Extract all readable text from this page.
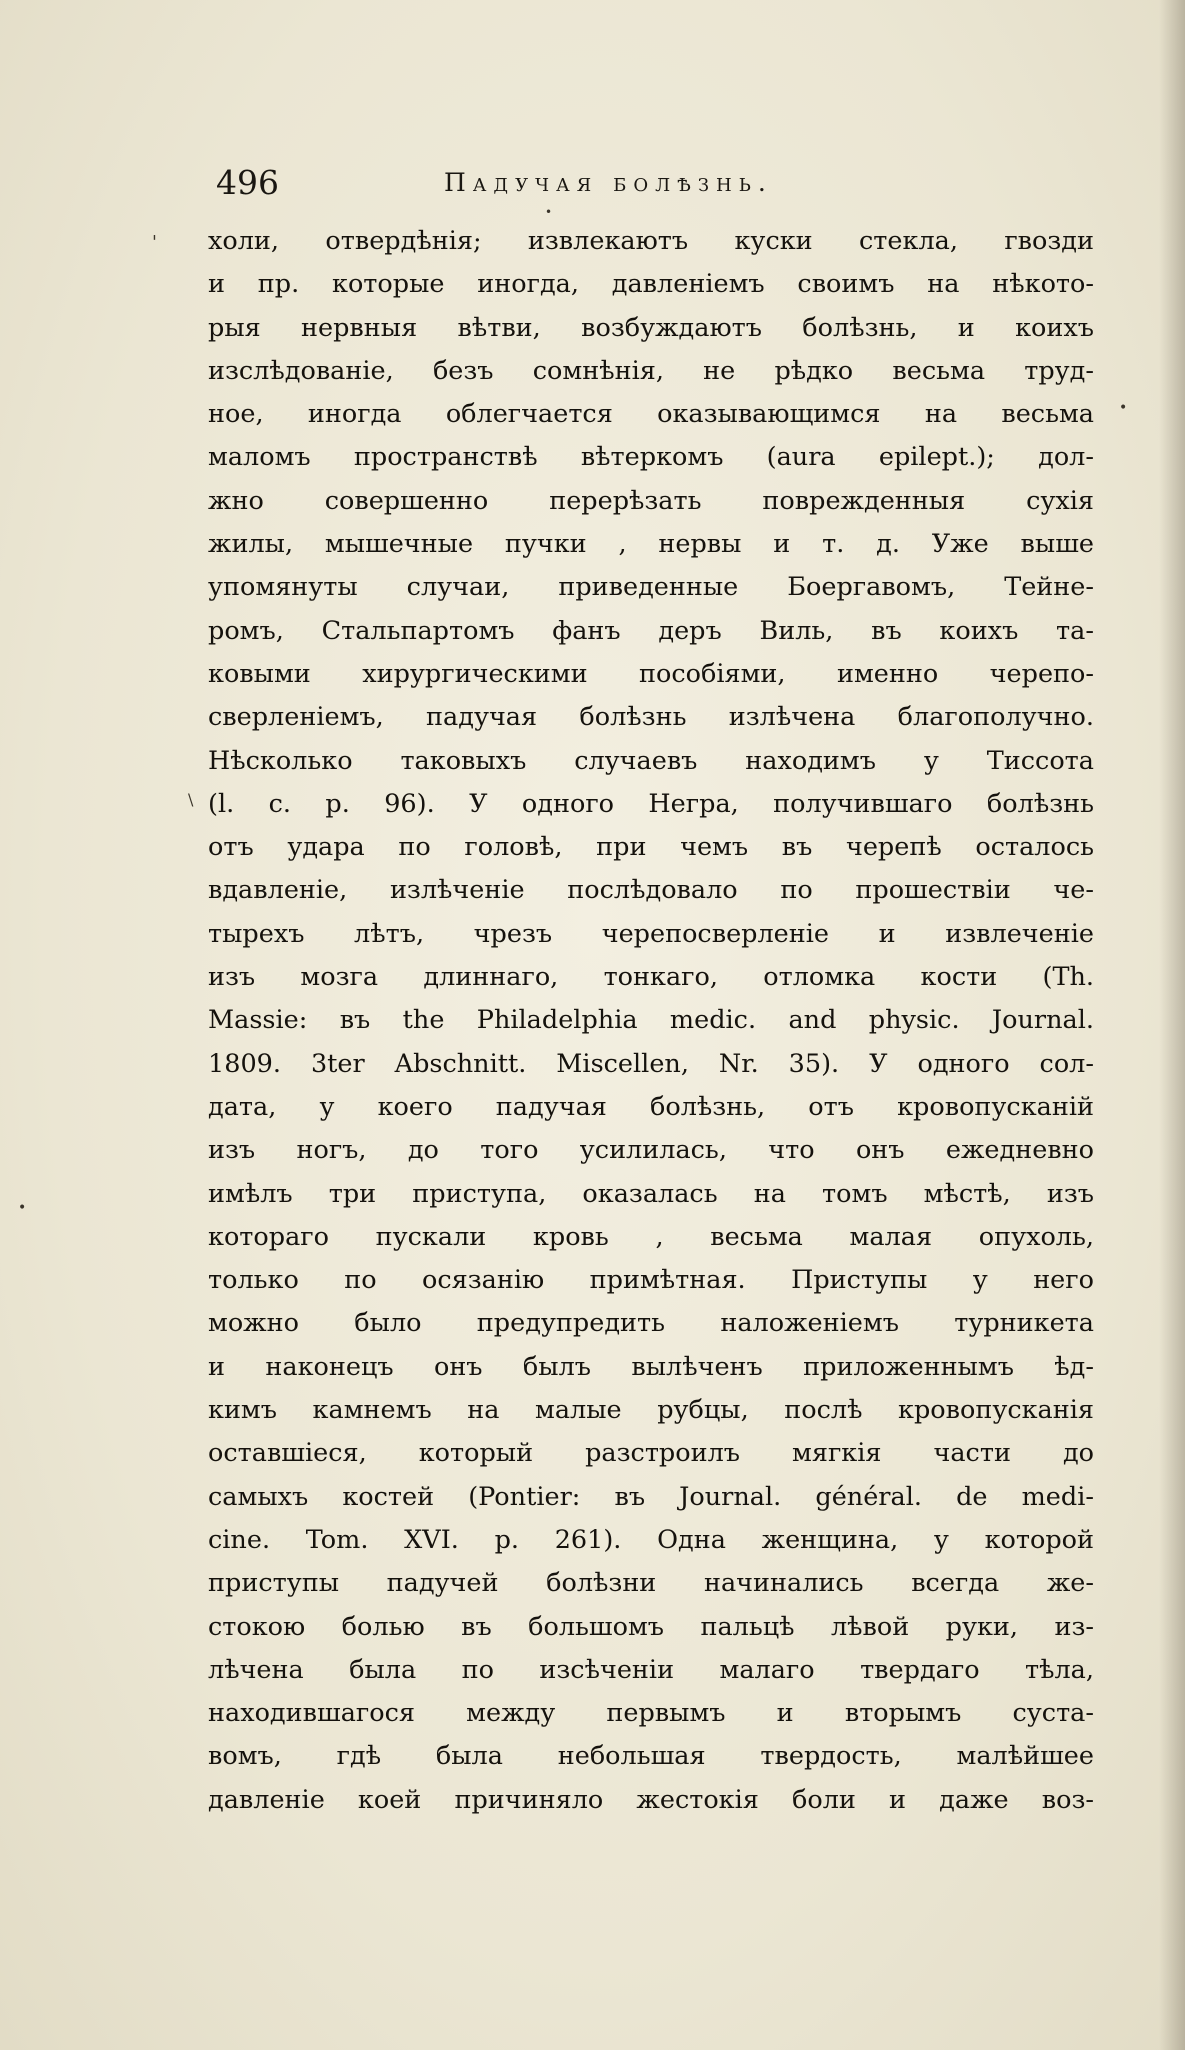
496	Падучая болѣзнь.
'
•
\
•
•
холи, отвердѣнія; извлекаютъ куски стекла, гвозди
и пр. которые иногда, давленіемъ своимъ на нѣкото-
рыя нервныя вѣтви, возбуждаютъ болѣзнь, и коихъ
изслѣдованіе, безъ сомнѣнія, не рѣдко весьма труд-
ное, иногда облегчается оказывающимся на весьма
маломъ пространствѣ вѣтеркомъ (aura epilept.); дол-
жно совершенно перерѣзать поврежденныя сухія
жилы, мышечные пучки , нервы и т. д. Уже выше
упомянуты случаи, приведенные Боергавомъ, Тейне-
ромъ, Стальпартомъ фанъ деръ Виль, въ коихъ та-
ковыми хирургическими пособіями, именно черепо-
сверленіемъ, падучая болѣзнь излѣчена благополучно.
Нѣсколько таковыхъ случаевъ находимъ у Тиссота
(l. c. p. 96). У одного Негра, получившаго болѣзнь
отъ удара по головѣ, при чемъ въ черепѣ осталось
вдавленіе, излѣченіе послѣдовало по прошествіи че-
тырехъ лѣтъ, чрезъ черепосверленіе и извлеченіе
изъ мозга длиннаго, тонкаго, отломка кости (Th.
Massie: въ the Philadelphia medic. and physic. Journal.
1809. 3ter Abschnitt. Miscellen, Nr. 35). У одного сол-
дата, у коего падучая болѣзнь, отъ кровопусканій
изъ ногъ, до того усилилась, что онъ ежедневно
имѣлъ три приступа, оказалась на томъ мѣстѣ, изъ
котораго пускали кровь , весьма малая опухоль,
только по осязанію примѣтная. Приступы у него
можно было предупредить наложеніемъ турникета
и наконецъ онъ былъ вылѣченъ приложеннымъ ѣд-
кимъ камнемъ на малые рубцы, послѣ кровопусканія
оставшіеся, который разстроилъ мягкія части до
самыхъ костей (Pontier: въ Journal. général. de medi-
cine. Tom. XVI. p. 261). Одна женщина, у которой
приступы падучей болѣзни начинались всегда же-
стокою болью въ большомъ пальцѣ лѣвой руки, из-
лѣчена была по изсѣченіи малаго твердаго тѣла,
находившагося между первымъ и вторымъ сустa-
вомъ, гдѣ была небольшая твердость, малѣйшее
давленіе коей причиняло жестокія боли и даже воз-
